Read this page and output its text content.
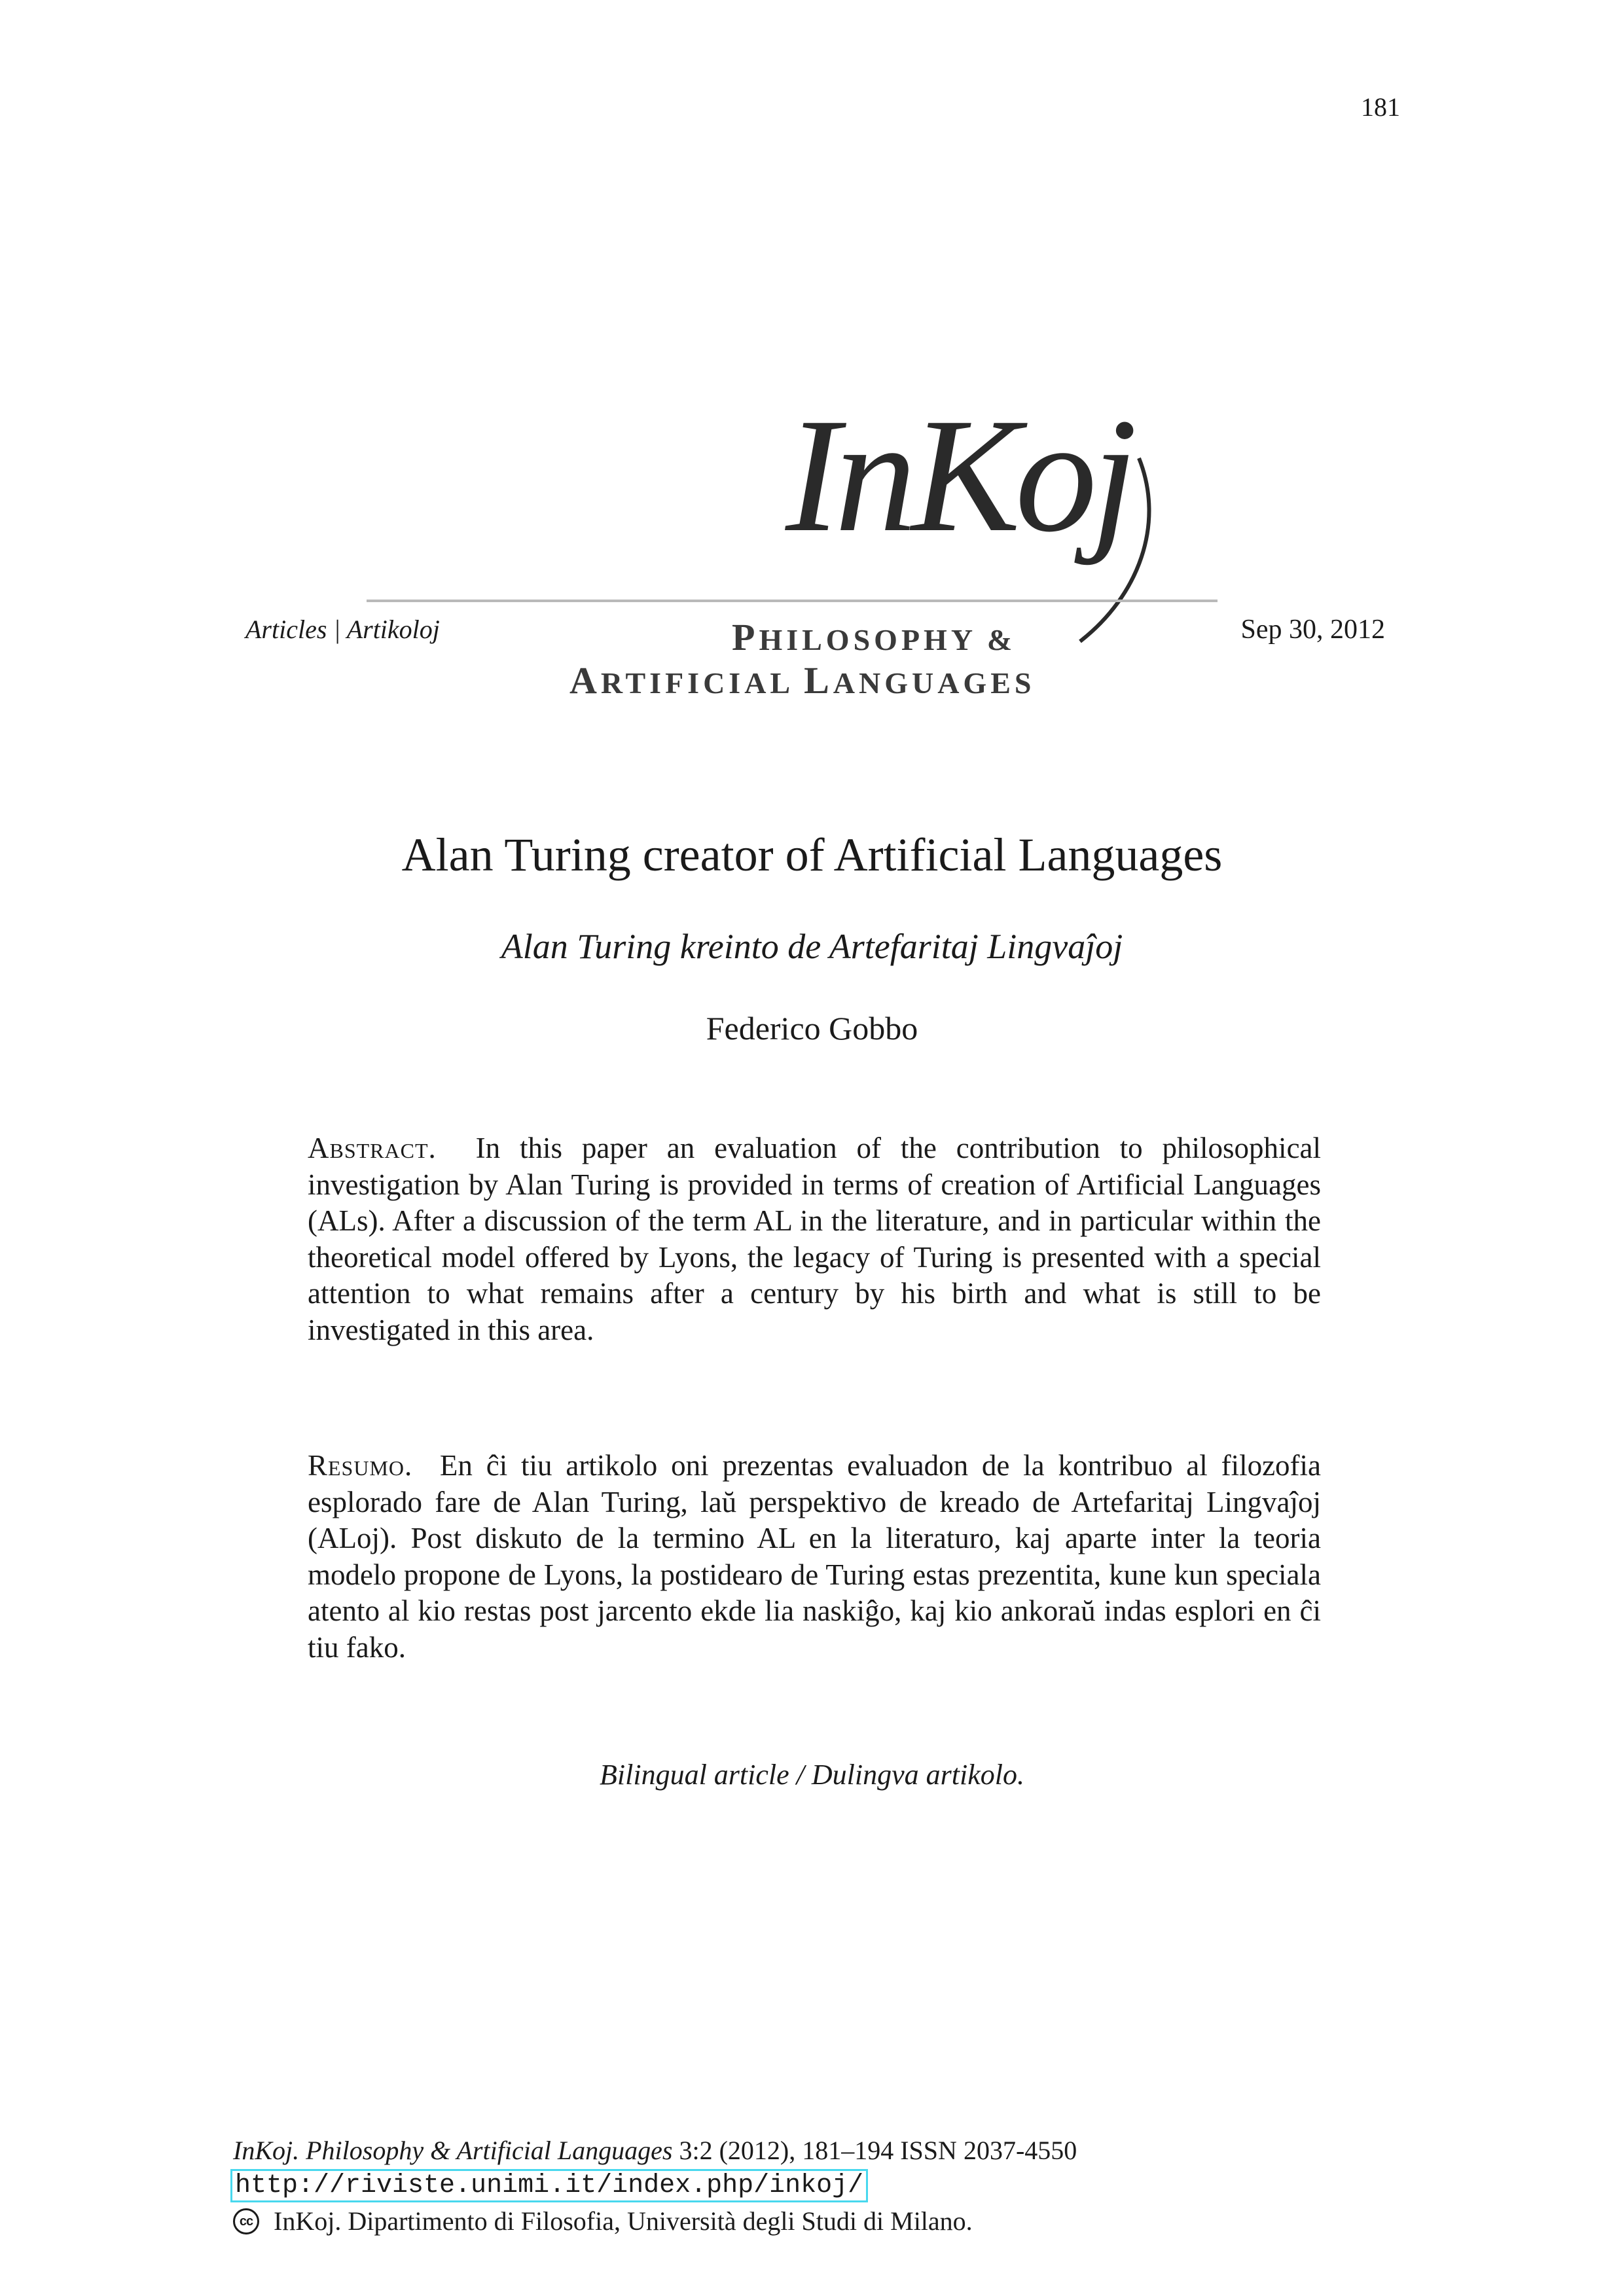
181
InKoj
Articles | Artikoloj	Sep 30, 2012
PHILOSOPHY &
ARTIFICIAL LANGUAGES
Alan Turing creator of Artificial Languages
Alan Turing kreinto de Artefaritaj Lingvaĵoj
Federico Gobbo
Abstract. In this paper an evaluation of the contribution to philosophical investigation by Alan Turing is provided in terms of creation of Artificial Languages (ALs). After a discussion of the term AL in the literature, and in particular within the theoretical model offered by Lyons, the legacy of Turing is presented with a special attention to what remains after a century by his birth and what is still to be investigated in this area.
Resumo. En ĉi tiu artikolo oni prezentas evaluadon de la kontribuo al filozofia esplorado fare de Alan Turing, laŭ perspektivo de kreado de Artefaritaj Lingvaĵoj (ALoj). Post diskuto de la termino AL en la literaturo, kaj aparte inter la teoria modelo propone de Lyons, la postidearo de Turing estas prezentita, kune kun speciala atento al kio restas post jarcento ekde lia naskiĝo, kaj kio ankoraŭ indas esplori en ĉi tiu fako.
Bilingual article / Dulingva artikolo.
InKoj. Philosophy & Artificial Languages 3:2 (2012), 181–194 ISSN 2037-4550
http://riviste.unimi.it/index.php/inkoj/
cc InKoj. Dipartimento di Filosofia, Università degli Studi di Milano.
